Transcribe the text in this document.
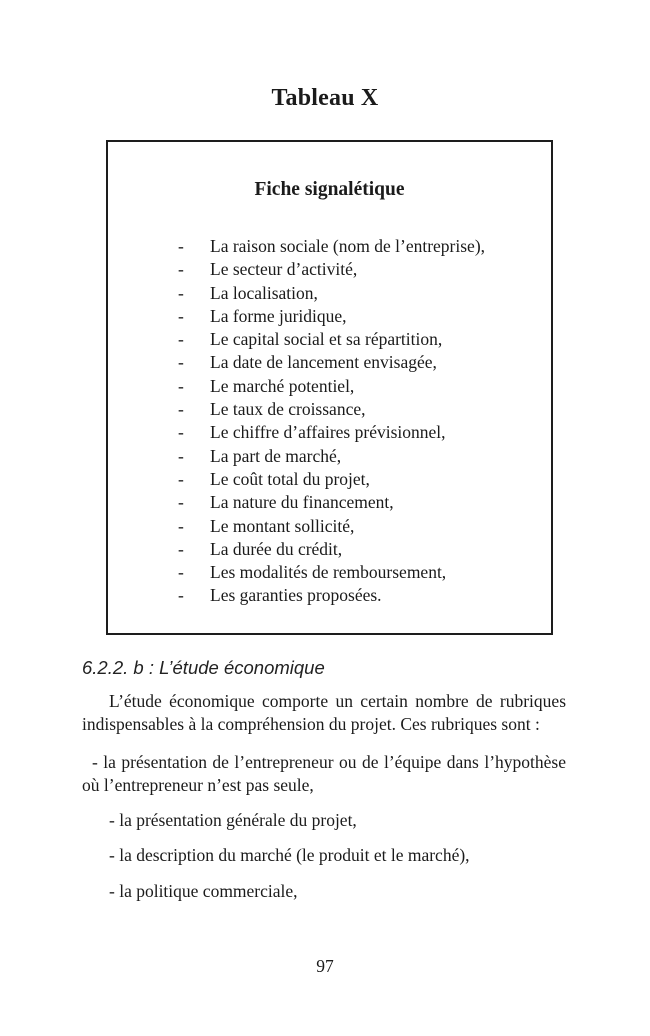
Tableau X
Fiche signalétique
-	La raison sociale (nom de l’entreprise),
-	Le secteur d’activité,
-	La localisation,
-	La forme juridique,
-	Le capital social et sa répartition,
-	La date de lancement envisagée,
-	Le marché potentiel,
-	Le taux de croissance,
-	Le chiffre d’affaires prévisionnel,
-	La part de marché,
-	Le coût total du projet,
-	La nature du financement,
-	Le montant sollicité,
-	La durée du crédit,
-	Les modalités de remboursement,
-	Les garanties proposées.
6.2.2. b : L’étude économique

L’étude économique comporte un certain nombre de rubriques indispensables à la compréhension du projet. Ces rubriques sont :

- la présentation de l’entrepreneur ou de l’équipe dans l’hypothèse où l’entrepreneur n’est pas seule,

- la présentation générale du projet,

- la description du marché (le produit et le marché),

- la politique commerciale,

97
